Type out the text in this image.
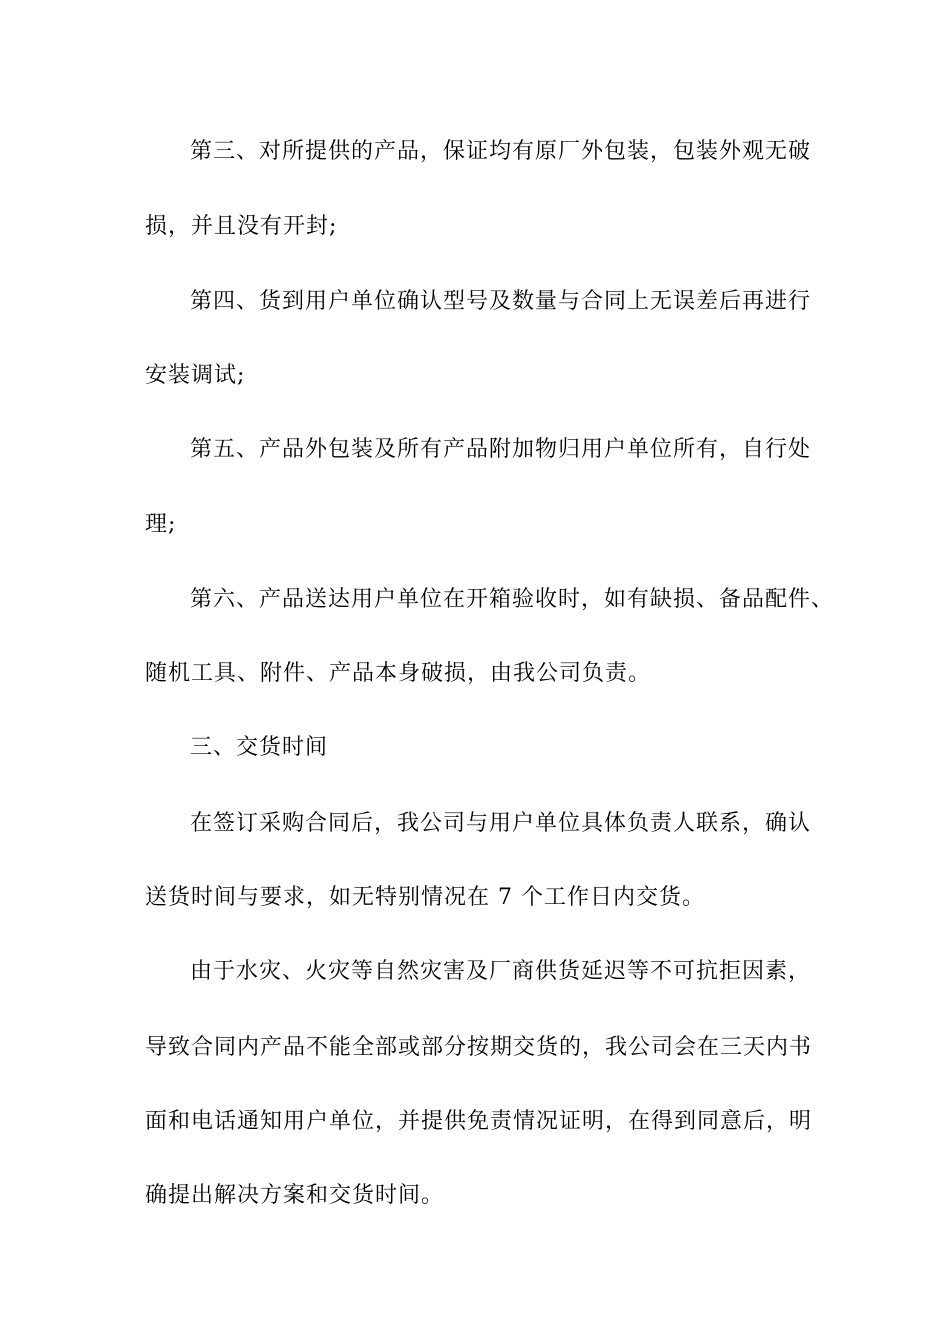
第三、对所提供的产品，保证均有原厂外包装，包装外观无破
损，并且没有开封;
第四、货到用户单位确认型号及数量与合同上无误差后再进行
安装调试;
第五、产品外包装及所有产品附加物归用户单位所有，自行处
理;
第六、产品送达用户单位在开箱验收时，如有缺损、备品配件、
随机工具、附件、产品本身破损，由我公司负责。
三、交货时间
在签订采购合同后，我公司与用户单位具体负责人联系，确认
送货时间与要求，如无特别情况在 7 个工作日内交货。
由于水灾、火灾等自然灾害及厂商供货延迟等不可抗拒因素，
导致合同内产品不能全部或部分按期交货的，我公司会在三天内书
面和电话通知用户单位，并提供免责情况证明，在得到同意后，明
确提出解决方案和交货时间。
